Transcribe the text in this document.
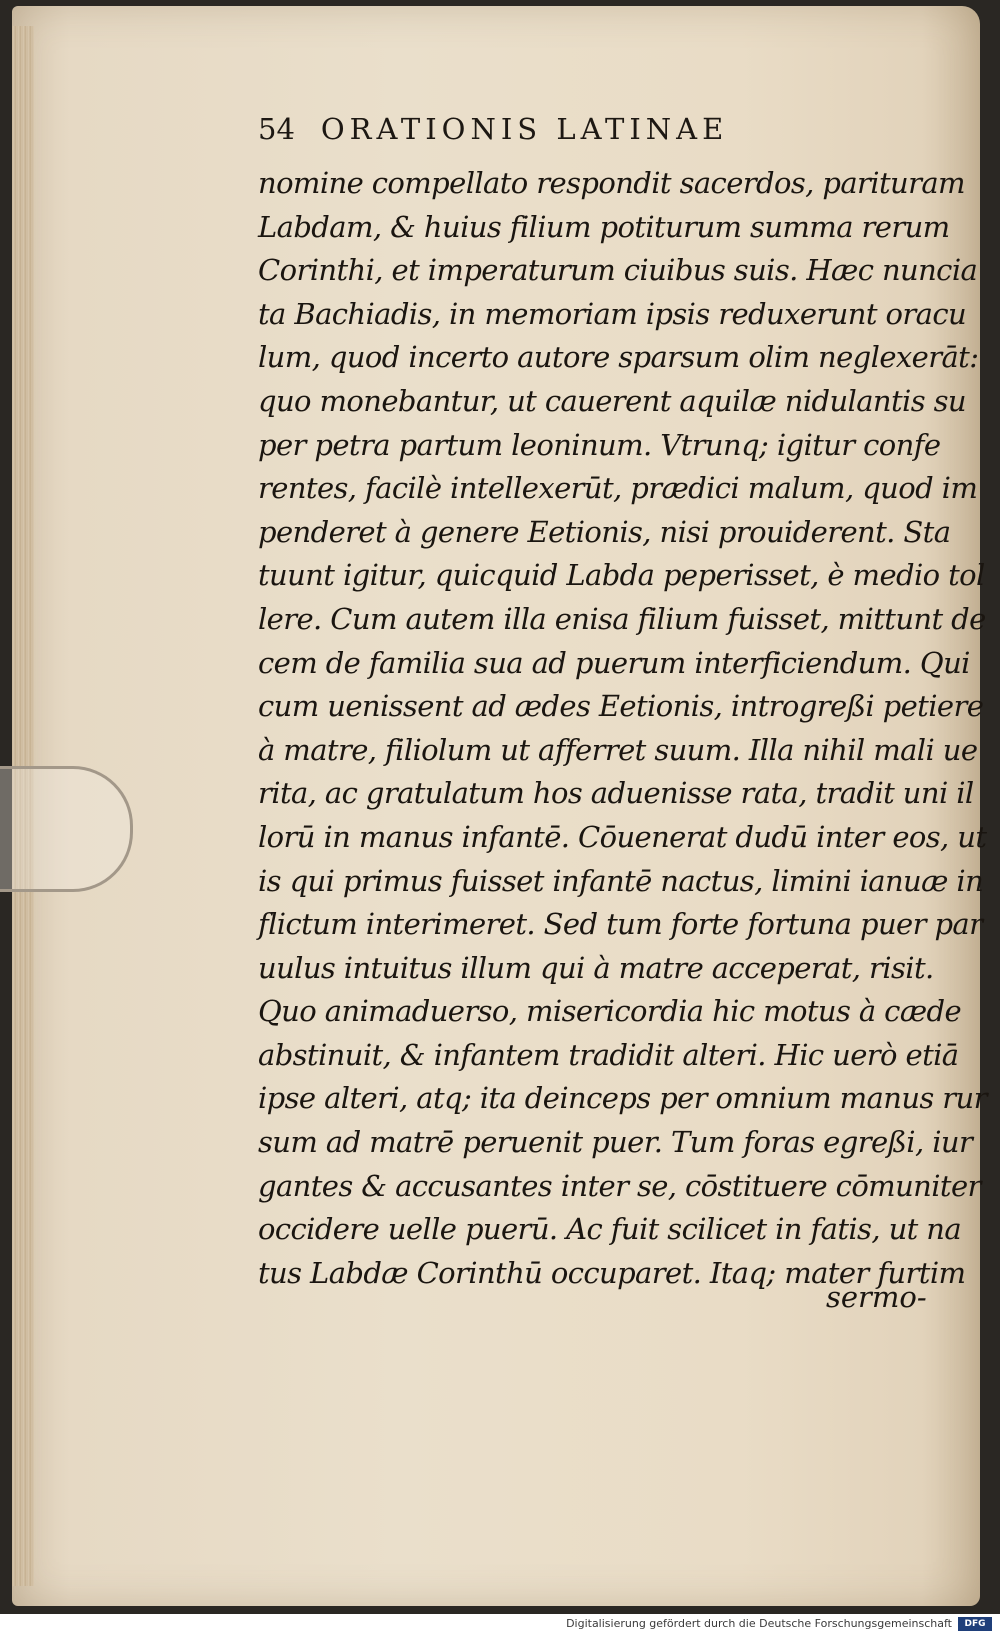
54 ORATIONIS LATINAE
nomine compellato respondit sacerdos, parituram
Labdam, & huius filium potiturum summa rerum
Corinthi, et imperaturum ciuibus suis. Hæc nuncia
ta Bachiadis, in memoriam ipsis reduxerunt oracu
lum, quod incerto autore sparsum olim neglexerāt:
quo monebantur, ut cauerent aquilæ nidulantis su
per petra partum leoninum. Vtrunq; igitur confe
rentes, facilè intellexerūt, prædici malum, quod im
penderet à genere Eetionis, nisi prouiderent. Sta
tuunt igitur, quicquid Labda peperisset, è medio tol
lere. Cum autem illa enisa filium fuisset, mittunt de
cem de familia sua ad puerum interficiendum. Qui
cum uenissent ad ædes Eetionis, introgreßi petiere
à matre, filiolum ut afferret suum. Illa nihil mali ue
rita, ac gratulatum hos aduenisse rata, tradit uni il
lorū in manus infantē. Cōuenerat dudū inter eos, ut
is qui primus fuisset infantē nactus, limini ianuæ in
flictum interimeret. Sed tum forte fortuna puer par
uulus intuitus illum qui à matre acceperat, risit.
Quo animaduerso, misericordia hic motus à cæde
abstinuit, & infantem tradidit alteri. Hic uerò etiā
ipse alteri, atq; ita deinceps per omnium manus rur
sum ad matrē peruenit puer. Tum foras egreßi, iur
gantes & accusantes inter se, cōstituere cōmuniter
occidere uelle puerū. Ac fuit scilicet in fatis, ut na
tus Labdæ Corinthū occuparet. Itaq; mater furtim
sermo-
Digitalisierung gefördert durch die Deutsche Forschungsgemeinschaft	DFG
